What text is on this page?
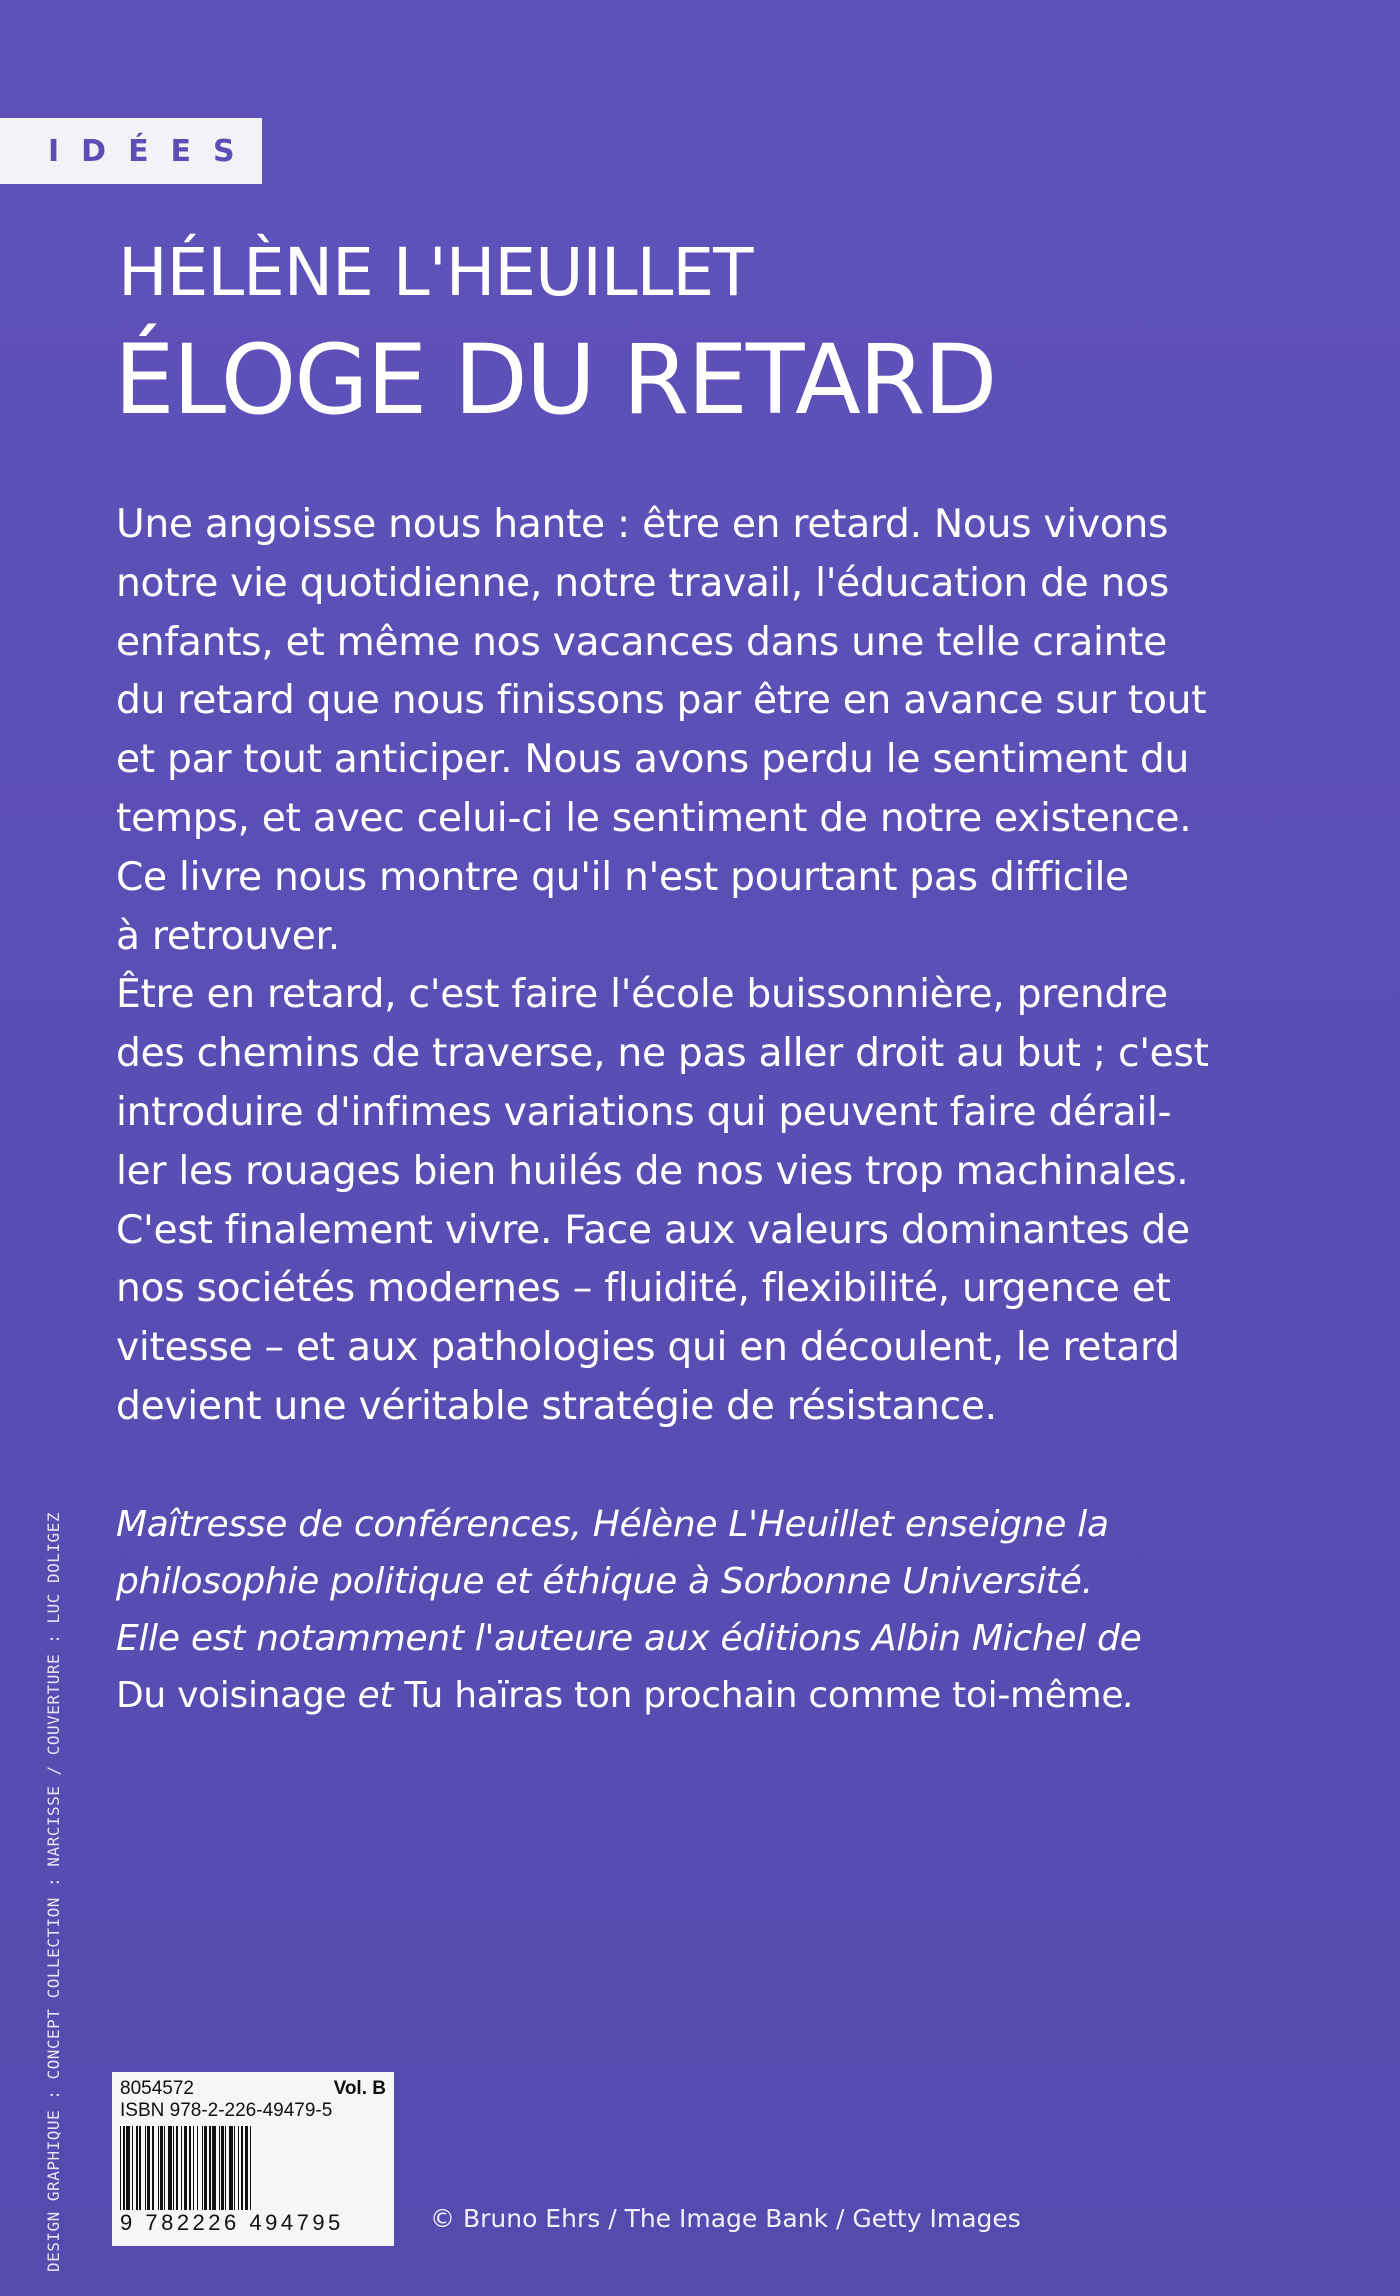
IDÉES
HÉLÈNE L'HEUILLET
ÉLOGE DU RETARD

Une angoisse nous hante : être en retard. Nous vivons
notre vie quotidienne, notre travail, l'éducation de nos
enfants, et même nos vacances dans une telle crainte
du retard que nous finissons par être en avance sur tout
et par tout anticiper. Nous avons perdu le sentiment du
temps, et avec celui-ci le sentiment de notre existence.
Ce livre nous montre qu'il n'est pourtant pas difficile
à retrouver.
Être en retard, c'est faire l'école buissonnière, prendre
des chemins de traverse, ne pas aller droit au but ; c'est
introduire d'infimes variations qui peuvent faire dérail-
ler les rouages bien huilés de nos vies trop machinales.
C'est finalement vivre. Face aux valeurs dominantes de
nos sociétés modernes – fluidité, flexibilité, urgence et
vitesse – et aux pathologies qui en découlent, le retard
devient une véritable stratégie de résistance.

Maîtresse de conférences, Hélène L'Heuillet enseigne la
philosophie politique et éthique à Sorbonne Université.
Elle est notamment l'auteure aux éditions Albin Michel de
Du voisinage et Tu haïras ton prochain comme toi-même.

DESIGN GRAPHIQUE : CONCEPT COLLECTION : NARCISSE / COUVERTURE : LUC DOLIGEZ	8054572	Vol. B
ISBN 978-2-226-49479-5
9 782226 494795	© Bruno Ehrs / The Image Bank / Getty Images
